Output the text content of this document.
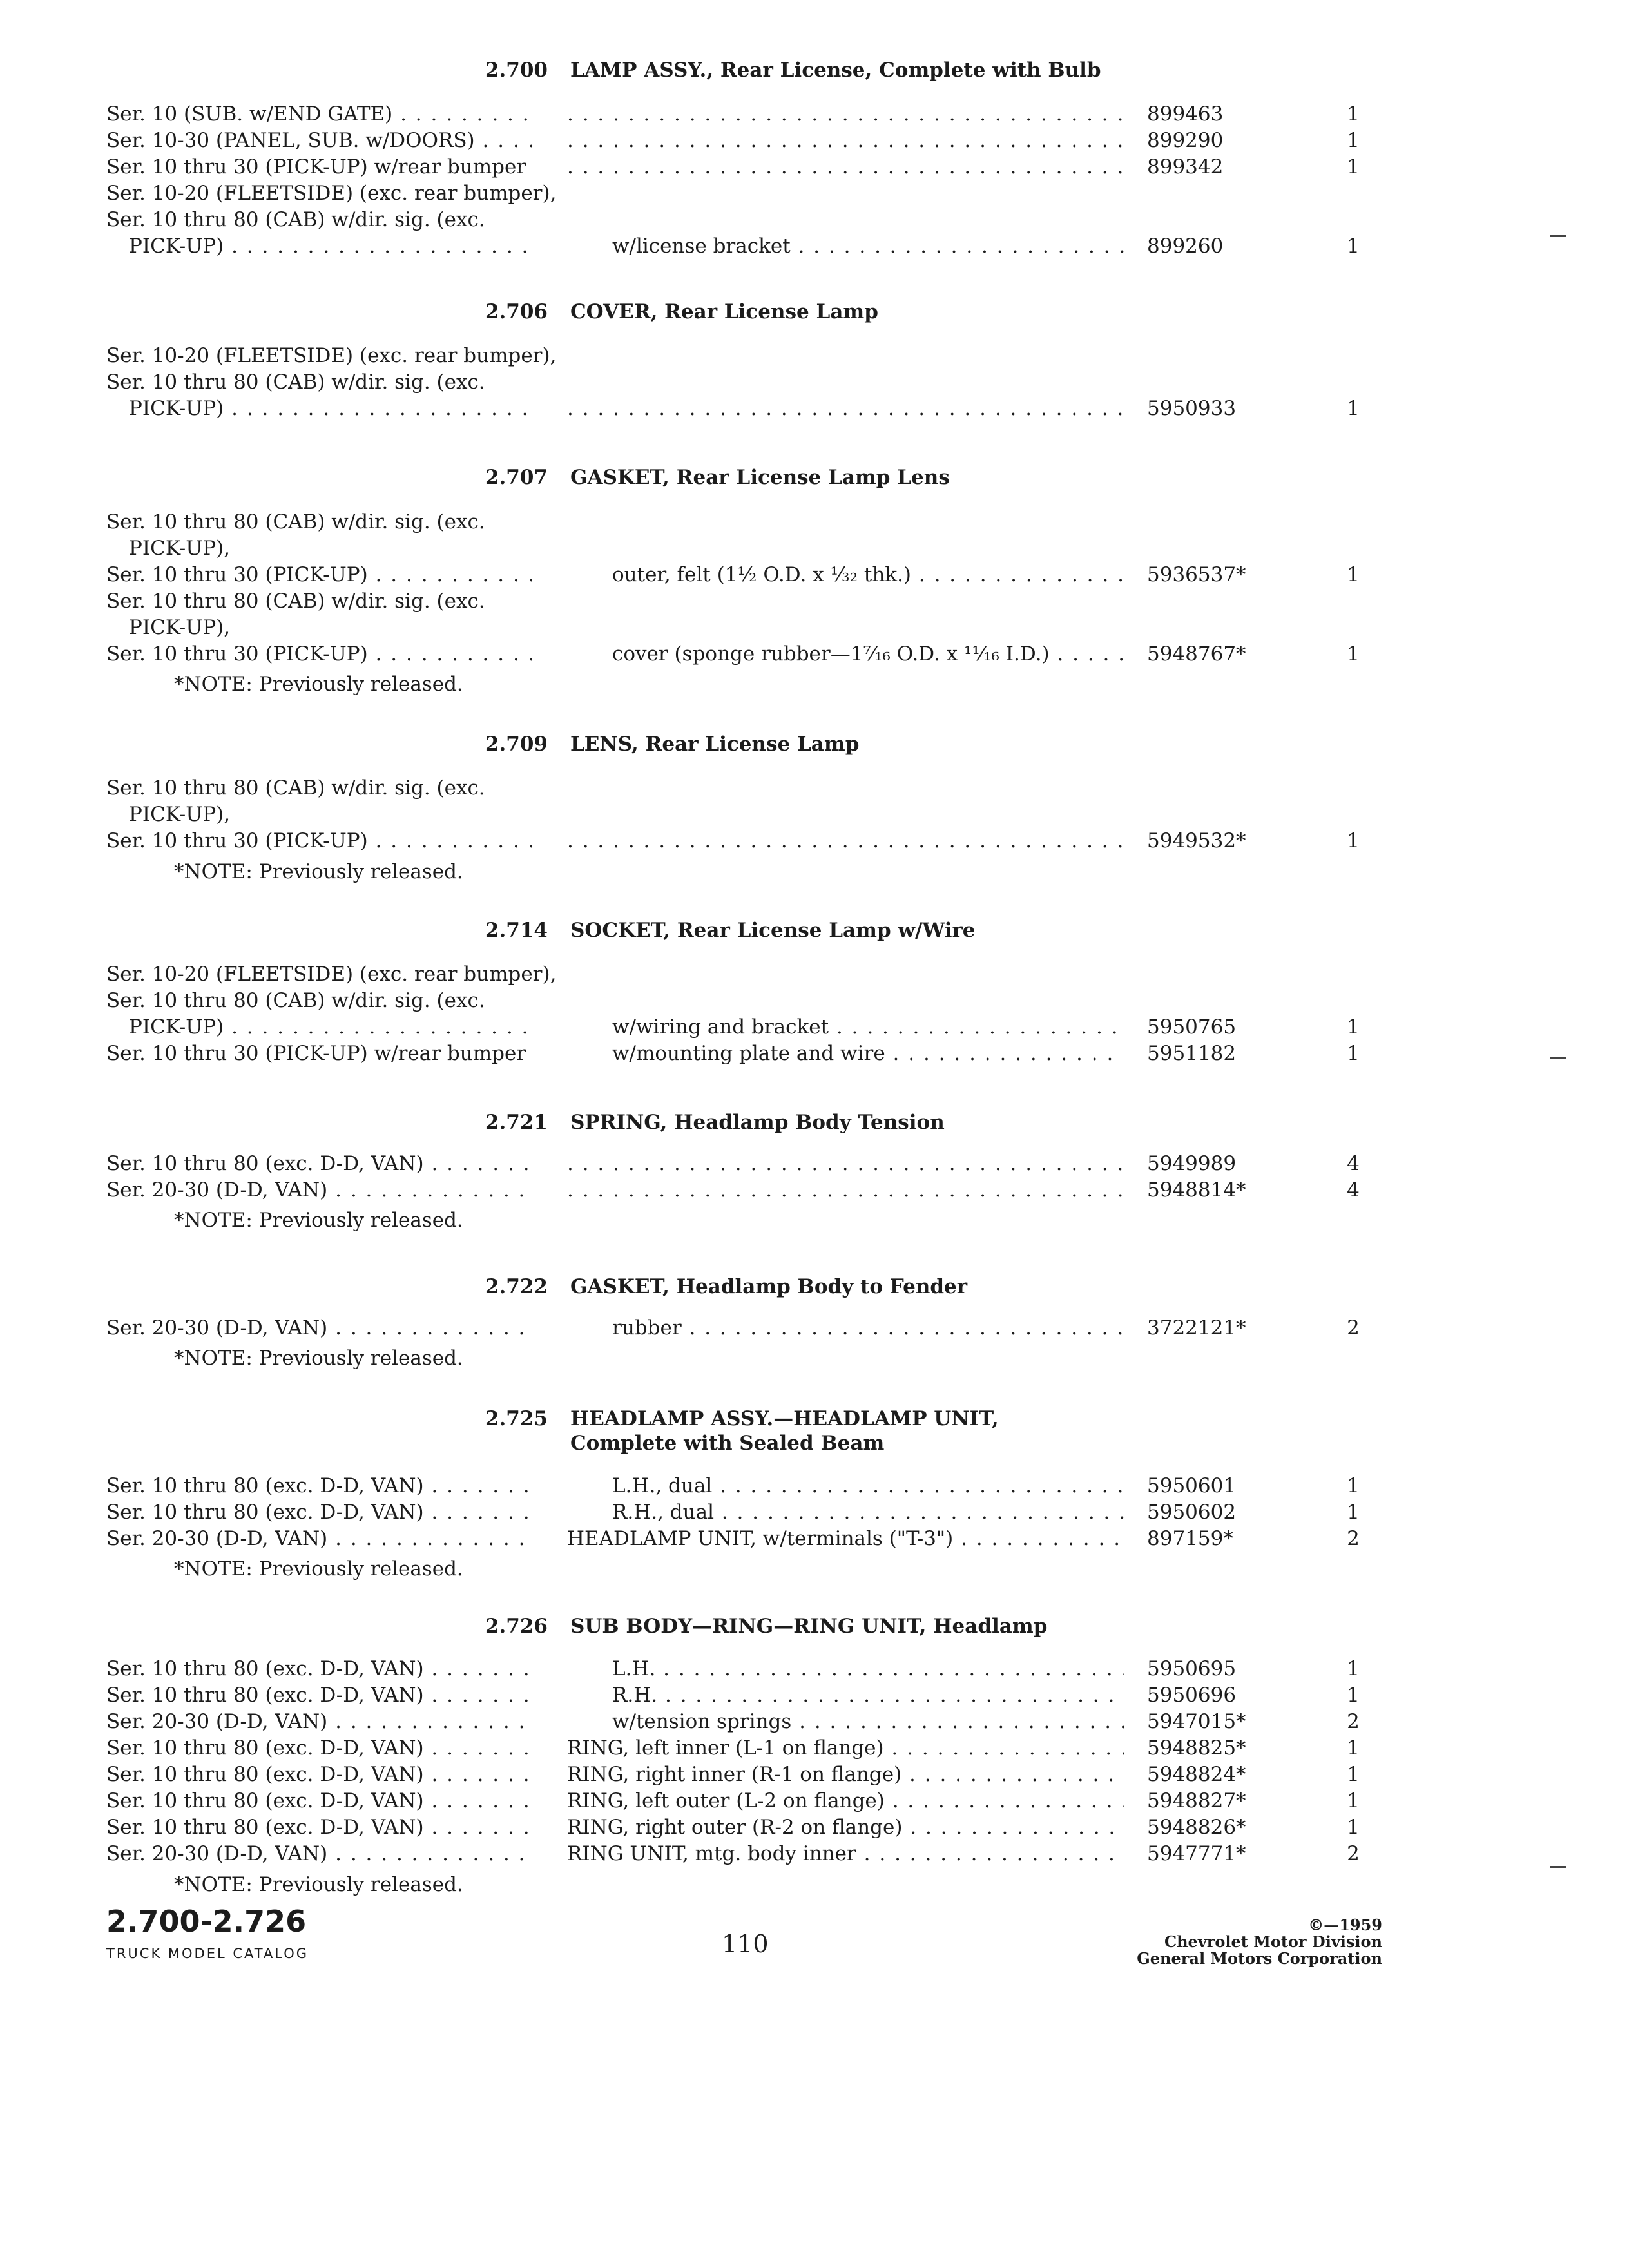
2.700 LAMP ASSY., Rear License, Complete with Bulb
Ser. 10 (SUB. w/END GATE) . . . . . .	899463	1
Ser. 10-30 (PANEL, SUB. w/DOORS) . . . . . .	899290	1
Ser. 10 thru 30 (PICK-UP) w/rear bumper . . .	899342	1
Ser. 10-20 (FLEETSIDE) (exc. rear bumper),
Ser. 10 thru 80 (CAB) w/dir. sig. (exc.
PICK-UP) . . .	w/license bracket . . .	899260	1
2.706 COVER, Rear License Lamp
Ser. 10-20 (FLEETSIDE) (exc. rear bumper),
Ser. 10 thru 80 (CAB) w/dir. sig. (exc.
PICK-UP) . . . . . .	5950933	1
2.707 GASKET, Rear License Lamp Lens
Ser. 10 thru 80 (CAB) w/dir. sig. (exc.
PICK-UP),
Ser. 10 thru 30 (PICK-UP) . . .	outer, felt (1½ O.D. x ⅟₃₂ thk.) . . .	5936537*	1
Ser. 10 thru 80 (CAB) w/dir. sig. (exc.
PICK-UP),
Ser. 10 thru 30 (PICK-UP) . . .	cover (sponge rubber—1⁷⁄₁₆ O.D. x ¹¹⁄₁₆ I.D.) . . .	5948767*	1
*NOTE: Previously released.
2.709 LENS, Rear License Lamp
Ser. 10 thru 80 (CAB) w/dir. sig. (exc.
PICK-UP),
Ser. 10 thru 30 (PICK-UP) . . . . . .	5949532*	1
*NOTE: Previously released.
2.714 SOCKET, Rear License Lamp w/Wire
Ser. 10-20 (FLEETSIDE) (exc. rear bumper),
Ser. 10 thru 80 (CAB) w/dir. sig. (exc.
PICK-UP) . . .	w/wiring and bracket . . .	5950765	1
Ser. 10 thru 30 (PICK-UP) w/rear bumper	w/mounting plate and wire . . .	5951182	1
2.721 SPRING, Headlamp Body Tension
Ser. 10 thru 80 (exc. D-D, VAN) . . . . . .	5949989	4
Ser. 20-30 (D-D, VAN) . . . . . .	5948814*	4
*NOTE: Previously released.
2.722 GASKET, Headlamp Body to Fender
Ser. 20-30 (D-D, VAN) . . .	rubber . . .	3722121*	2
*NOTE: Previously released.
2.725 HEADLAMP ASSY.—HEADLAMP UNIT,
Complete with Sealed Beam
Ser. 10 thru 80 (exc. D-D, VAN) . . .	L.H., dual . . .	5950601	1
Ser. 10 thru 80 (exc. D-D, VAN) . . .	R.H., dual . . .	5950602	1
Ser. 20-30 (D-D, VAN) . . .	HEADLAMP UNIT, w/terminals ("T-3") . . .	897159*	2
*NOTE: Previously released.
2.726 SUB BODY—RING—RING UNIT, Headlamp
Ser. 10 thru 80 (exc. D-D, VAN) . . .	L.H. . . .	5950695	1
Ser. 10 thru 80 (exc. D-D, VAN) . . .	R.H. . . .	5950696	1
Ser. 20-30 (D-D, VAN) . . .	w/tension springs . . .	5947015*	2
Ser. 10 thru 80 (exc. D-D, VAN) . . .	RING, left inner (L-1 on flange) . . .	5948825*	1
Ser. 10 thru 80 (exc. D-D, VAN) . . .	RING, right inner (R-1 on flange) . . .	5948824*	1
Ser. 10 thru 80 (exc. D-D, VAN) . . .	RING, left outer (L-2 on flange) . . .	5948827*	1
Ser. 10 thru 80 (exc. D-D, VAN) . . .	RING, right outer (R-2 on flange) . . .	5948826*	1
Ser. 20-30 (D-D, VAN) . . .	RING UNIT, mtg. body inner . . .	5947771*	2
*NOTE: Previously released.
2.700-2.726
TRUCK MODEL CATALOG	110
©—1959
Chevrolet Motor Division
General Motors Corporation
